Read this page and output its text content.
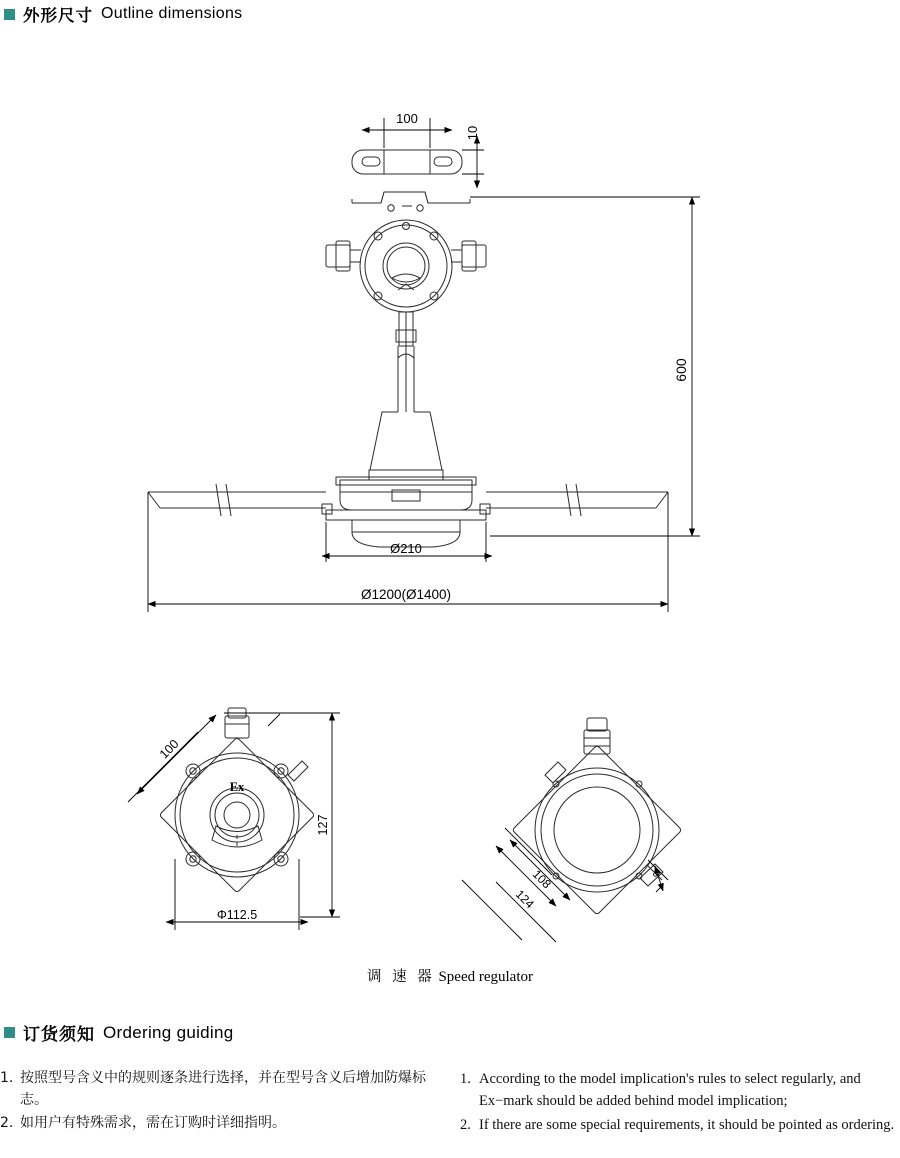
外形尺寸 Outline dimensions
100
10
600
Ø210
Ø1200(Ø1400)
Ex
100
127
Φ112.5
108
124
9
调 速 器 Speed regulator
订货须知 Ordering guiding
1. 按照型号含义中的规则逐条进行选择，并在型号含义后增加防爆标志。
2. 如用户有特殊需求，需在订购时详细指明。
1. According to the model implication's rules to select regularly, and Ex−mark should be added behind model implication;
2. If there are some special requirements, it should be pointed as ordering.
